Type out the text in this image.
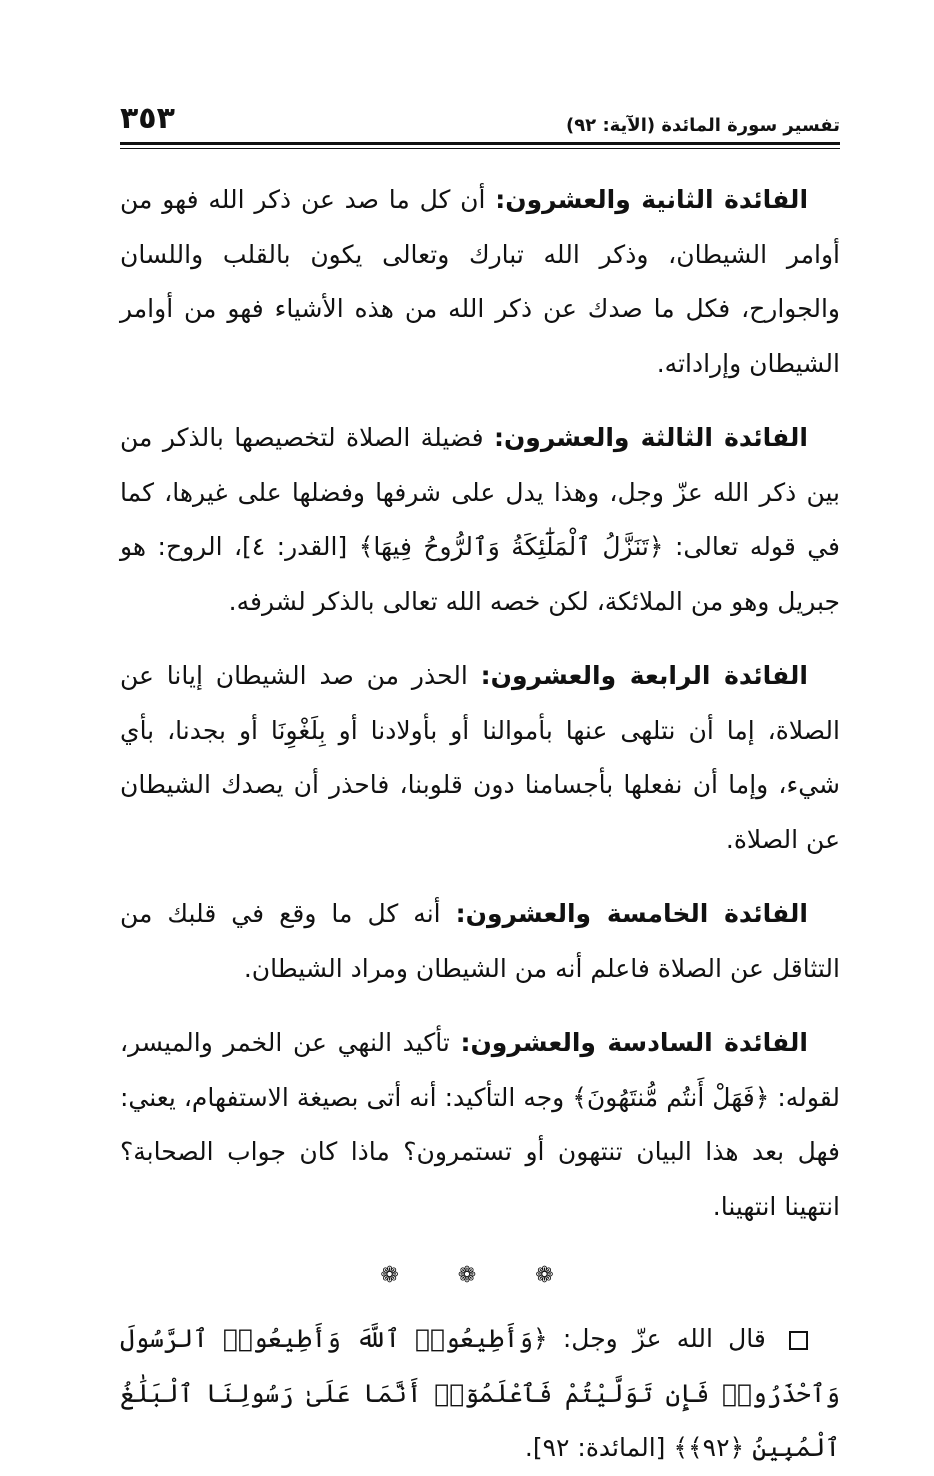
تفسير سورة المائدة (الآية: ٩٢)
٣٥٣

الفائدة الثانية والعشرون: أن كل ما صد عن ذكر الله فهو من أوامر الشيطان، وذكر الله تبارك وتعالى يكون بالقلب واللسان والجوارح، فكل ما صدك عن ذكر الله من هذه الأشياء فهو من أوامر الشيطان وإراداته.

الفائدة الثالثة والعشرون: فضيلة الصلاة لتخصيصها بالذكر من بين ذكر الله عزّ وجل، وهذا يدل على شرفها وفضلها على غيرها، كما في قوله تعالى: ﴿تَنَزَّلُ ٱلْمَلَٰٓئِكَةُ وَٱلرُّوحُ فِيهَا﴾ [القدر: ٤]، الروح: هو جبريل وهو من الملائكة، لكن خصه الله تعالى بالذكر لشرفه.

الفائدة الرابعة والعشرون: الحذر من صد الشيطان إيانا عن الصلاة، إما أن نتلهى عنها بأموالنا أو بأولادنا أو بِلَغْوِنَا أو بجدنا، بأي شيء، وإما أن نفعلها بأجسامنا دون قلوبنا، فاحذر أن يصدك الشيطان عن الصلاة.

الفائدة الخامسة والعشرون: أنه كل ما وقع في قلبك من التثاقل عن الصلاة فاعلم أنه من الشيطان ومراد الشيطان.

الفائدة السادسة والعشرون: تأكيد النهي عن الخمر والميسر، لقوله: ﴿فَهَلْ أَنتُم مُّنتَهُونَ﴾ وجه التأكيد: أنه أتى بصيغة الاستفهام، يعني: فهل بعد هذا البيان تنتهون أو تستمرون؟ ماذا كان جواب الصحابة؟ انتهينا انتهينا.

❁ ❁ ❁

قال الله عزّ وجل: ﴿وَأَطِيعُوا۟ ٱللَّهَ وَأَطِيعُوا۟ ٱلرَّسُولَ وَٱحْذَرُوا۟ فَإِن تَوَلَّيْتُمْ فَٱعْلَمُوٓا۟ أَنَّمَا عَلَىٰ رَسُولِنَا ٱلْبَلَٰغُ ٱلْمُبِينُ ﴿٩٢﴾﴾ [المائدة: ٩٢].
